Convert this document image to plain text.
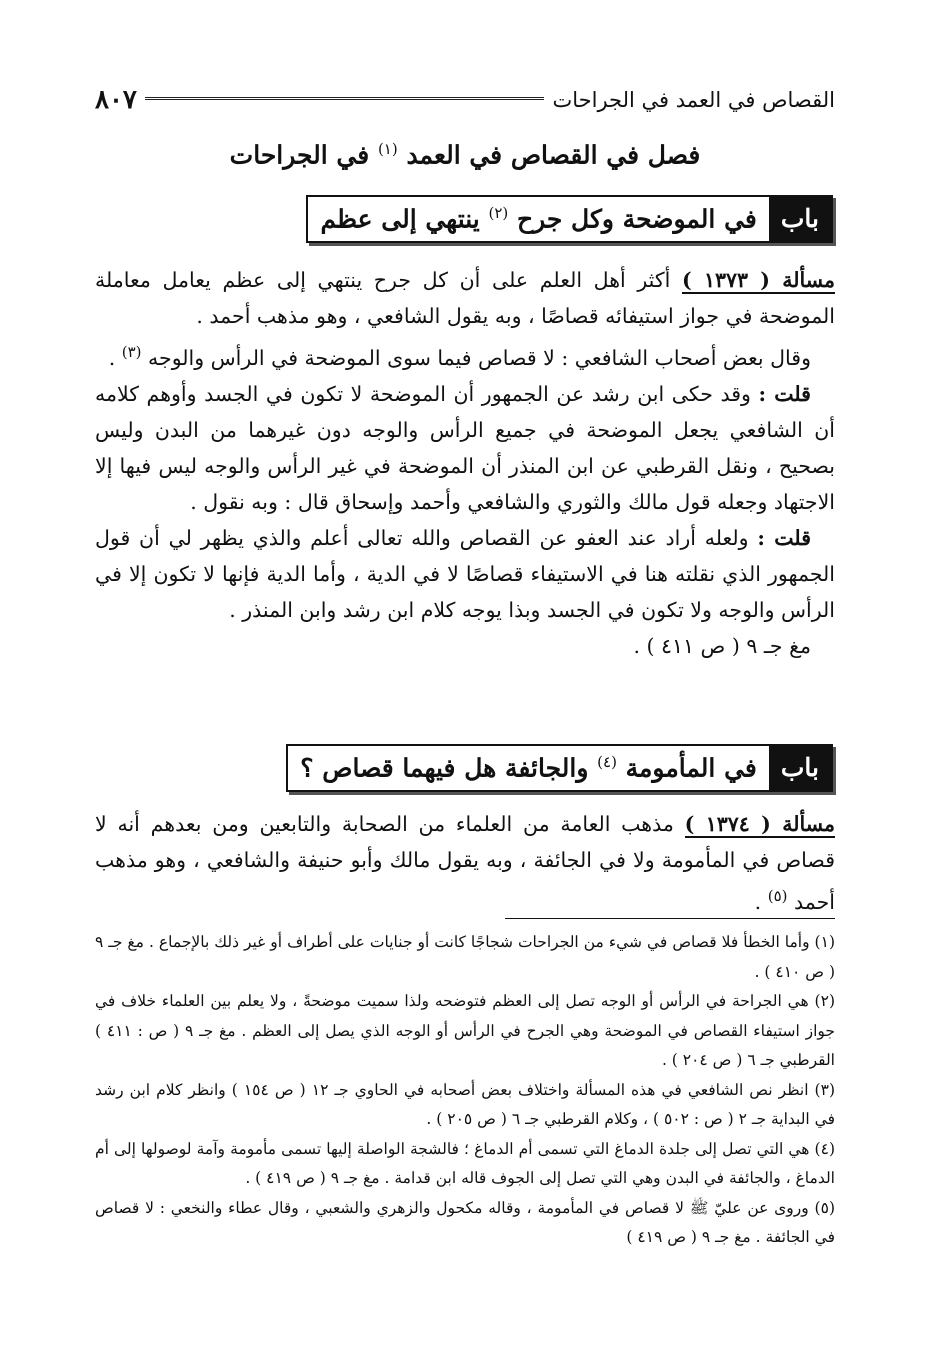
القصاص في العمد في الجراحات
٨٠٧
فصل في القصاص في العمد $^{(١)}$ في الجراحات
باب
في الموضحة وكل جرح $^{(٢)}$ ينتهي إلى عظم

مسألة ( ١٣٧٣ ) أكثر أهل العلم على أن كل جرح ينتهي إلى عظم يعامل معاملة الموضحة في جواز استيفائه قصاصًا ، وبه يقول الشافعي ، وهو مذهب أحمد .

وقال بعض أصحاب الشافعي : لا قصاص فيما سوى الموضحة في الرأس والوجه $^{(٣)}$ .

قلت : وقد حكى ابن رشد عن الجمهور أن الموضحة لا تكون في الجسد وأوهم كلامه أن الشافعي يجعل الموضحة في جميع الرأس والوجه دون غيرهما من البدن وليس بصحيح ، ونقل القرطبي عن ابن المنذر أن الموضحة في غير الرأس والوجه ليس فيها إلا الاجتهاد وجعله قول مالك والثوري والشافعي وأحمد وإسحاق قال : وبه نقول .

قلت : ولعله أراد عند العفو عن القصاص والله تعالى أعلم والذي يظهر لي أن قول الجمهور الذي نقلته هنا في الاستيفاء قصاصًا لا في الدية ، وأما الدية فإنها لا تكون إلا في الرأس والوجه ولا تكون في الجسد وبذا يوجه كلام ابن رشد وابن المنذر .

مغ جـ ٩ ( ص ٤١١ ) .

باب
في المأمومة $^{(٤)}$ والجائفة هل فيهما قصاص ؟

مسألة ( ١٣٧٤ ) مذهب العامة من العلماء من الصحابة والتابعين ومن بعدهم أنه لا قصاص في المأمومة ولا في الجائفة ، وبه يقول مالك وأبو حنيفة والشافعي ، وهو مذهب أحمد $^{(٥)}$ .

(١) وأما الخطأ فلا قصاص في شيء من الجراحات شجاجًا كانت أو جنايات على أطراف أو غير ذلك بالإجماع . مغ جـ ٩ ( ص ٤١٠ ) .

(٢) هي الجراحة في الرأس أو الوجه تصل إلى العظم فتوضحه ولذا سميت موضحةً ، ولا يعلم بين العلماء خلاف في جواز استيفاء القصاص في الموضحة وهي الجرح في الرأس أو الوجه الذي يصل إلى العظم . مغ جـ ٩ ( ص : ٤١١ ) القرطبي جـ ٦ ( ص ٢٠٤ ) .

(٣) انظر نص الشافعي في هذه المسألة واختلاف بعض أصحابه في الحاوي جـ ١٢ ( ص ١٥٤ ) وانظر كلام ابن رشد في البداية جـ ٢ ( ص : ٥٠٢ ) ، وكلام القرطبي جـ ٦ ( ص ٢٠٥ ) .

(٤) هي التي تصل إلى جلدة الدماغ التي تسمى أم الدماغ ؛ فالشجة الواصلة إليها تسمى مأمومة وآمة لوصولها إلى أم الدماغ ، والجائفة في البدن وهي التي تصل إلى الجوف قاله ابن قدامة . مغ جـ ٩ ( ص ٤١٩ ) .

(٥) وروى عن عليّ ﷺ لا قصاص في المأمومة ، وقاله مكحول والزهري والشعبي ، وقال عطاء والنخعي : لا قصاص في الجائفة . مغ جـ ٩ ( ص ٤١٩ )
